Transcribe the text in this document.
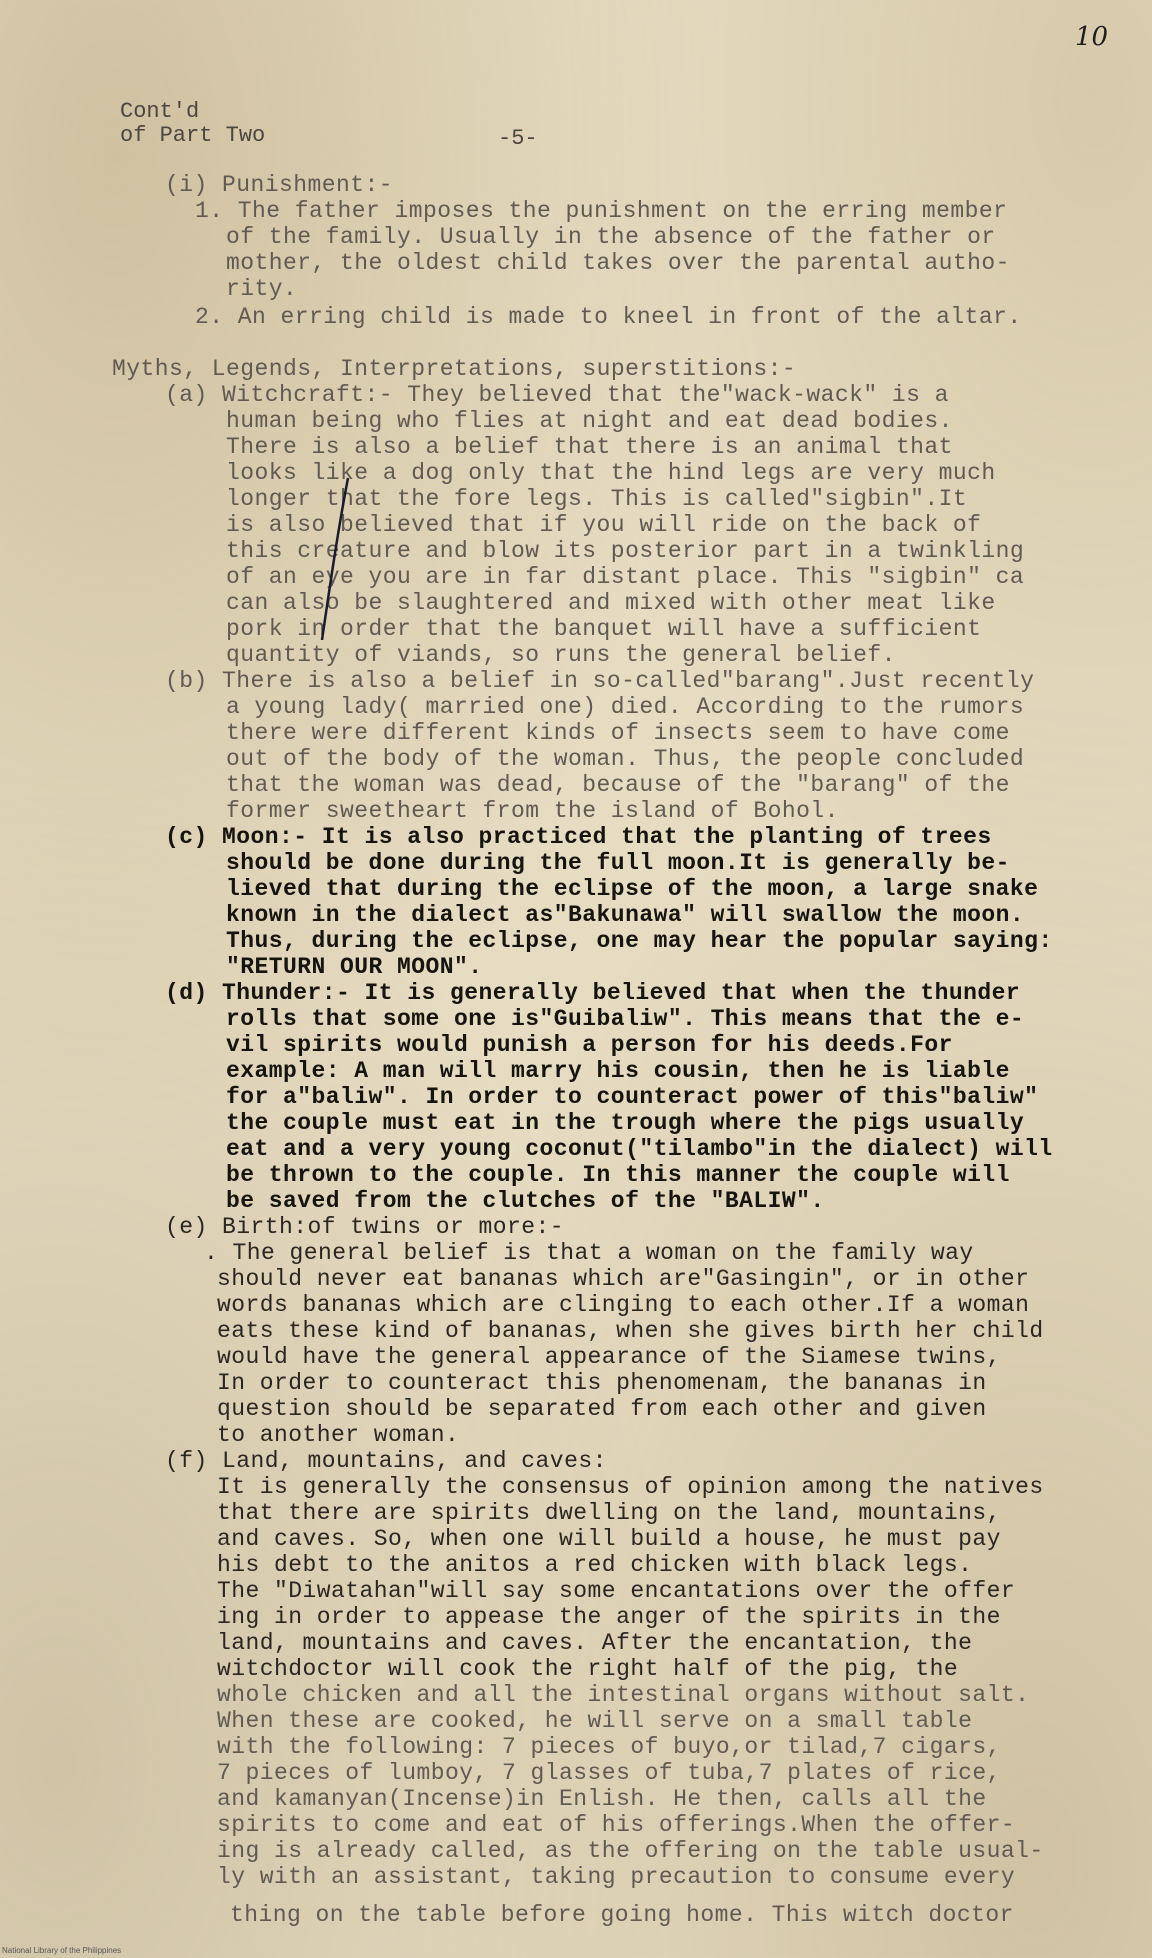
10
Cont'd
of Part Two	-5-
(i) Punishment:-
1. The father imposes the punishment on the erring member
of the family. Usually in the absence of the father or
mother, the oldest child takes over the parental autho-
rity.
2. An erring child is made to kneel in front of the altar.
Myths, Legends, Interpretations, superstitions:-
(a) Witchcraft:- They believed that the"wack-wack" is a
human being who flies at night and eat dead bodies.
There is also a belief that there is an animal that
looks like a dog only that the hind legs are very much
longer that the fore legs. This is called"sigbin".It
is also believed that if you will ride on the back of
this creature and blow its posterior part in a twinkling
of an eye you are in far distant place. This "sigbin" ca
can also be slaughtered and mixed with other meat like
pork in order that the banquet will have a sufficient
quantity of viands, so runs the general belief.
(b) There is also a belief in so-called"barang".Just recently
a young lady( married one) died. According to the rumors
there were different kinds of insects seem to have come
out of the body of the woman. Thus, the people concluded
that the woman was dead, because of the "barang" of the
former sweetheart from the island of Bohol.
(c) Moon:- It is also practiced that the planting of trees
should be done during the full moon.It is generally be-
lieved that during the eclipse of the moon, a large snake
known in the dialect as"Bakunawa" will swallow the moon.
Thus, during the eclipse, one may hear the popular saying:
"RETURN OUR MOON".
(d) Thunder:- It is generally believed that when the thunder
rolls that some one is"Guibaliw". This means that the e-
vil spirits would punish a person for his deeds.For
example: A man will marry his cousin, then he is liable
for a"baliw". In order to counteract power of this"baliw"
the couple must eat in the trough where the pigs usually
eat and a very young coconut("tilambo"in the dialect) will
be thrown to the couple. In this manner the couple will
be saved from the clutches of the "BALIW".
(e) Birth:of twins or more:-
. The general belief is that a woman on the family way
should never eat bananas which are"Gasingin", or in other
words bananas which are clinging to each other.If a woman
eats these kind of bananas, when she gives birth her child
would have the general appearance of the Siamese twins,
In order to counteract this phenomenam, the bananas in
question should be separated from each other and given
to another woman.
(f) Land, mountains, and caves:
It is generally the consensus of opinion among the natives
that there are spirits dwelling on the land, mountains,
and caves. So, when one will build a house, he must pay
his debt to the anitos a red chicken with black legs.
The "Diwatahan"will say some encantations over the offer
ing in order to appease the anger of the spirits in the
land, mountains and caves. After the encantation, the
witchdoctor will cook the right half of the pig, the
whole chicken and all the intestinal organs without salt.
When these are cooked, he will serve on a small table
with the following: 7 pieces of buyo,or tilad,7 cigars,
7 pieces of lumboy, 7 glasses of tuba,7 plates of rice,
and kamanyan(Incense)in Enlish. He then, calls all the
spirits to come and eat of his offerings.When the offer-
ing is already called, as the offering on the table usual-
ly with an assistant, taking precaution to consume every
thing on the table before going home. This witch doctor
National Library of the Philippines
